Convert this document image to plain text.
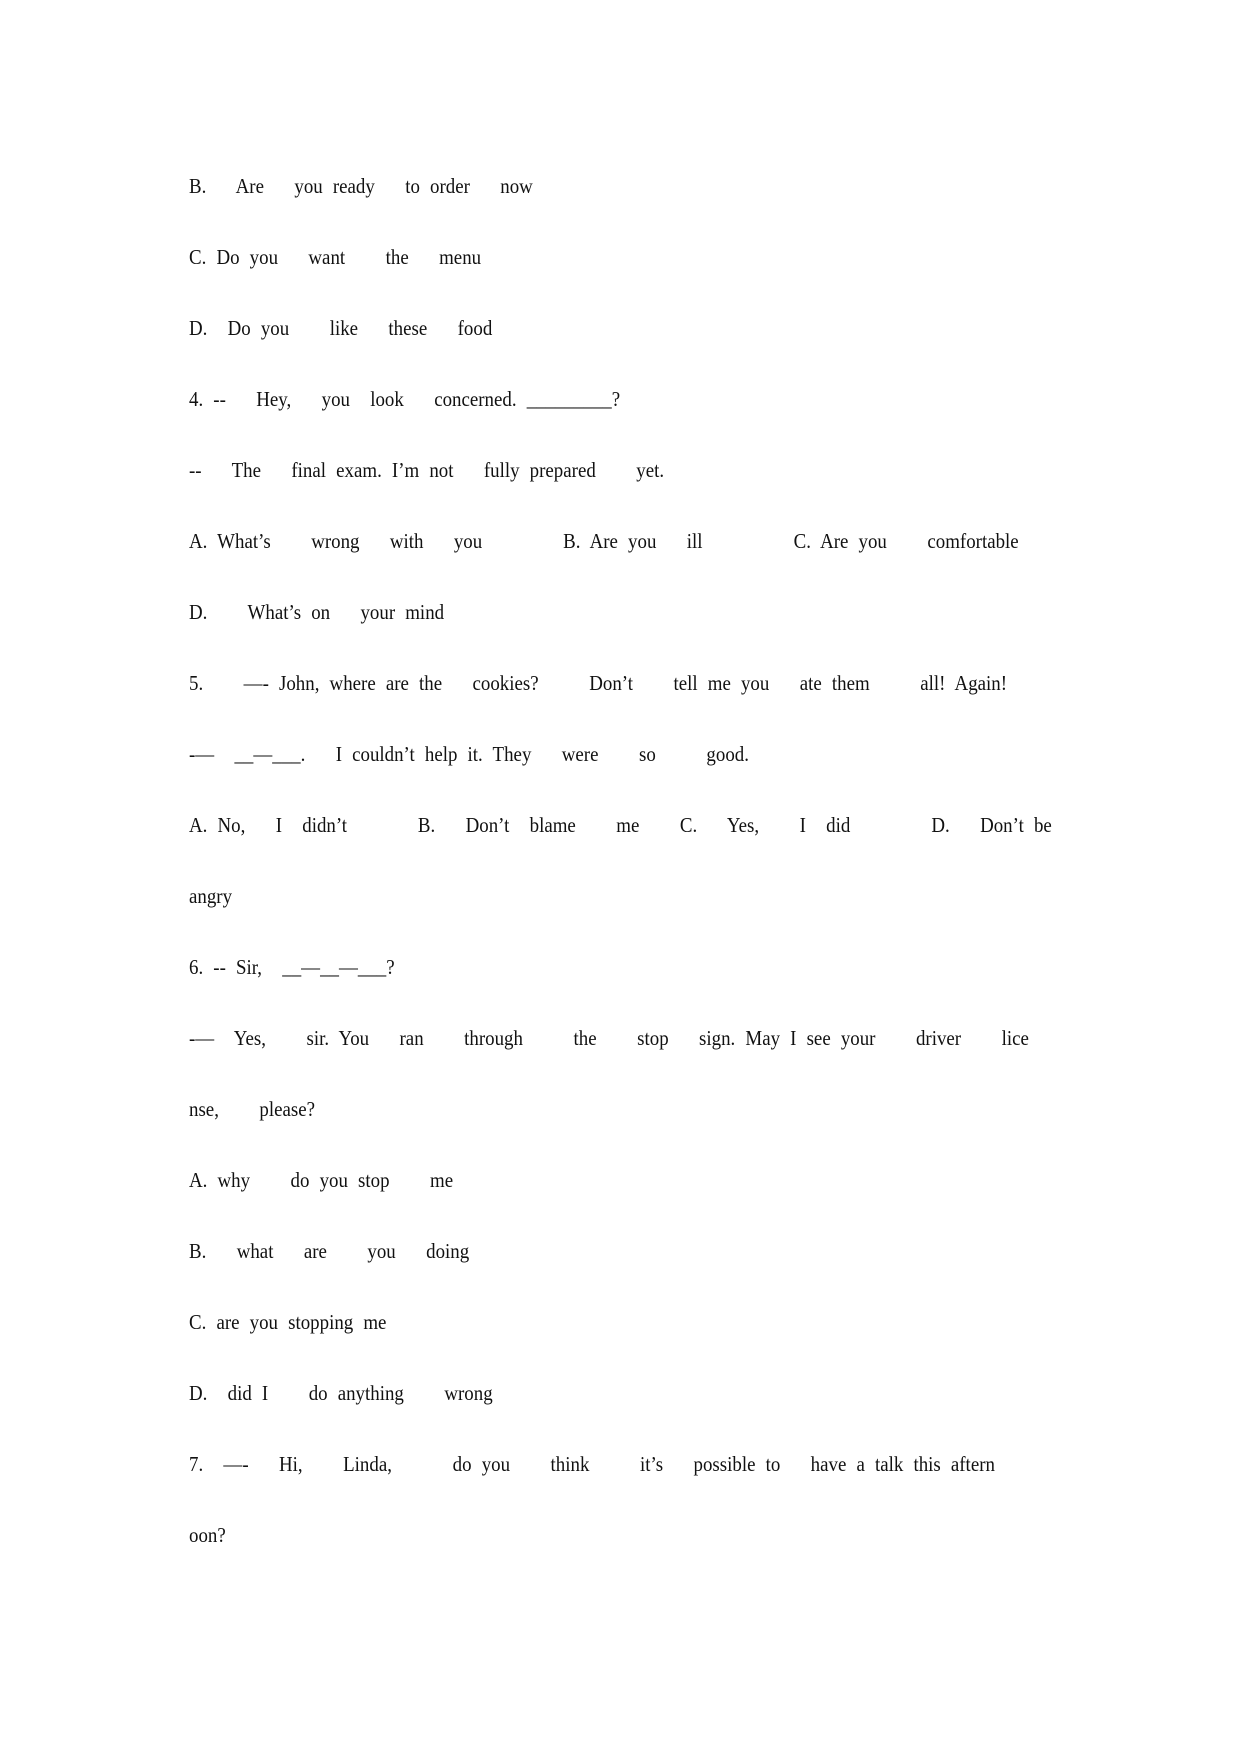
B.   Are   you ready   to order   now
C. Do you   want    the   menu
D.  Do you    like   these   food
4. --   Hey,   you  look   concerned. _________?
--   The   final exam. I’m not   fully prepared    yet.
A. What’s    wrong   with   you        B. Are you   ill         C. Are you    comfortable
D.    What’s on   your mind
5.    —- John, where are the   cookies?     Don’t    tell me you   ate them     all! Again!
-—  __—___.   I couldn’t help it. They   were    so     good.
A. No,   I  didn’t       B.   Don’t  blame    me    C.   Yes,    I  did        D.   Don’t be
angry
6. -- Sir,  __—__—___?
-—  Yes,    sir. You   ran    through     the    stop   sign. May I see your    driver    lice
nse,    please?
A. why    do you stop    me
B.   what   are    you   doing
C. are you stopping me
D.  did I    do anything    wrong
7.  —-   Hi,    Linda,      do you    think     it’s   possible to   have a talk this aftern
oon?
